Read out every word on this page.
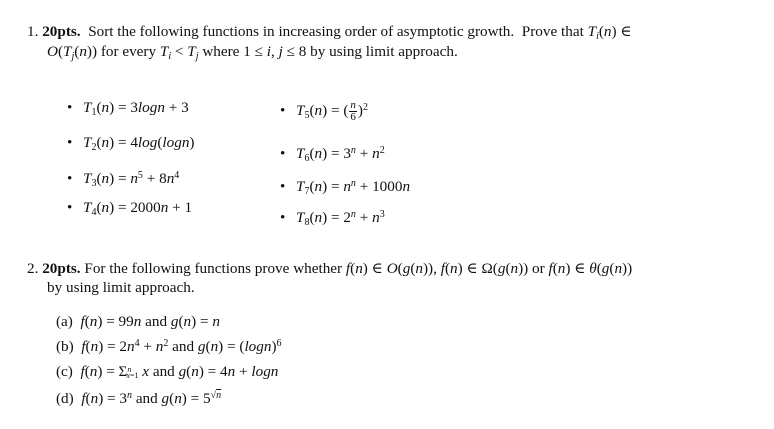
1. 20pts.  Sort the following functions in increasing order of asymptotic growth.  Prove that $T_i(n)$ ∈
$O(T_j(n))$ for every $T_i < T_j$ where 1 ≤ i, j ≤ 8 by using limit approach.
• $T_1(n) = 3\log n + 3$
• $T_2(n) = 4\log(\log n)$
• $T_3(n) = n^5 + 8n^4$
• $T_4(n) = 2000n + 1$
• $T_5(n)$ = ( $\frac{n}{6} )^2$
• $T_6(n) = 3^n + n^2$
• $T_7(n) = n^n + 1000n$
• $T_8(n) = 2^n + n^3$
2. 20pts. For the following functions prove whether f(n) ∈ O(g(n)), f(n) ∈ Ω(g(n)) or f(n) ∈ θ(g(n))
by using limit approach.
(a) f(n) = 99n and g(n) = n
(b) $f(n) = 2n^4 + n^2$ and $g(n) = (\log n)^6$
(c) $f(n) = \Sigma^n_{x=1}$ x and g(n) = 4n + logn
(d) $f(n) = 3^n$ and $g(n) = 5^{√n}$
